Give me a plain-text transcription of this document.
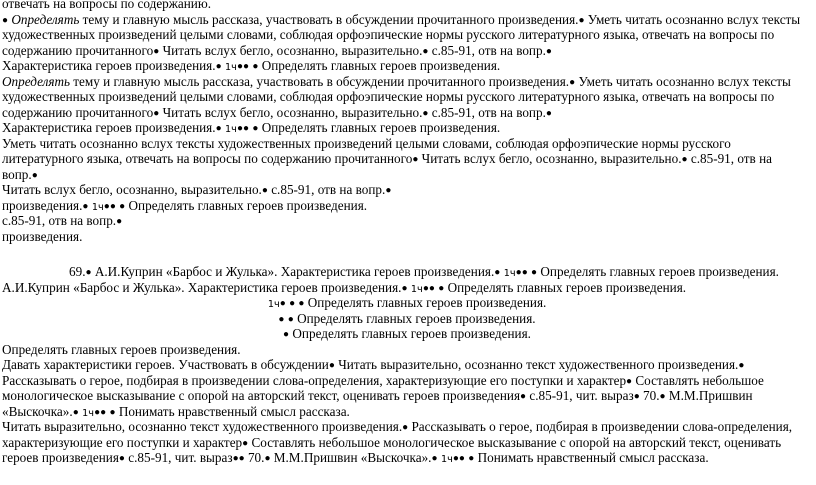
отвечать на вопросы по содержанию.
● Определять тему и главную мысль рассказа, участвовать в обсуждении прочитанного произведения.● Уметь читать осознанно вслух тексты
художественных произведений целыми словами, соблюдая орфоэпические нормы русского литературного языка, отвечать на вопросы по
содержанию прочитанного● Читать вслух бегло, осознанно, выразительно.● с.85-91, отв на вопр.●
Характеристика героев произведения.● 1ч●● ● Определять главных героев произведения.
Определять тему и главную мысль рассказа, участвовать в обсуждении прочитанного произведения.● Уметь читать осознанно вслух тексты
художественных произведений целыми словами, соблюдая орфоэпические нормы русского литературного языка, отвечать на вопросы по
содержанию прочитанного● Читать вслух бегло, осознанно, выразительно.● с.85-91, отв на вопр.●
Характеристика героев произведения.● 1ч●● ● Определять главных героев произведения.
Уметь читать осознанно вслух тексты художественных произведений целыми словами, соблюдая орфоэпические нормы русского
литературного языка, отвечать на вопросы по содержанию прочитанного● Читать вслух бегло, осознанно, выразительно.● с.85-91, отв на
вопр.●
Читать вслух бегло, осознанно, выразительно.● с.85-91, отв на вопр.●
произведения.● 1ч●● ● Определять главных героев произведения.
с.85-91, отв на вопр.●
произведения.
69.● А.И.Куприн «Барбос и Жулька». Характеристика героев произведения.● 1ч●● ● Определять главных героев произведения.
А.И.Куприн «Барбос и Жулька». Характеристика героев произведения.● 1ч●● ● Определять главных героев произведения.
1ч● ● ● Определять главных героев произведения.
● ● Определять главных героев произведения.
● Определять главных героев произведения.
Определять главных героев произведения.
Давать характеристики героев. Участвовать в обсуждении● Читать выразительно, осознанно текст художественного произведения.●
Рассказывать о герое, подбирая в произведении слова-определения, характеризующие его поступки и характер● Составлять небольшое
монологическое высказывание с опорой на авторский текст, оценивать героев произведения● с.85-91, чит. выраз● 70.● М.М.Пришвин
«Выскочка».● 1ч●● ● Понимать нравственный смысл рассказа.
Читать выразительно, осознанно текст художественного произведения.● Рассказывать о герое, подбирая в произведении слова-определения,
характеризующие его поступки и характер● Составлять небольшое монологическое высказывание с опорой на авторский текст, оценивать
героев произведения● с.85-91, чит. выраз●● 70.● М.М.Пришвин «Выскочка».● 1ч●● ● Понимать нравственный смысл рассказа.
